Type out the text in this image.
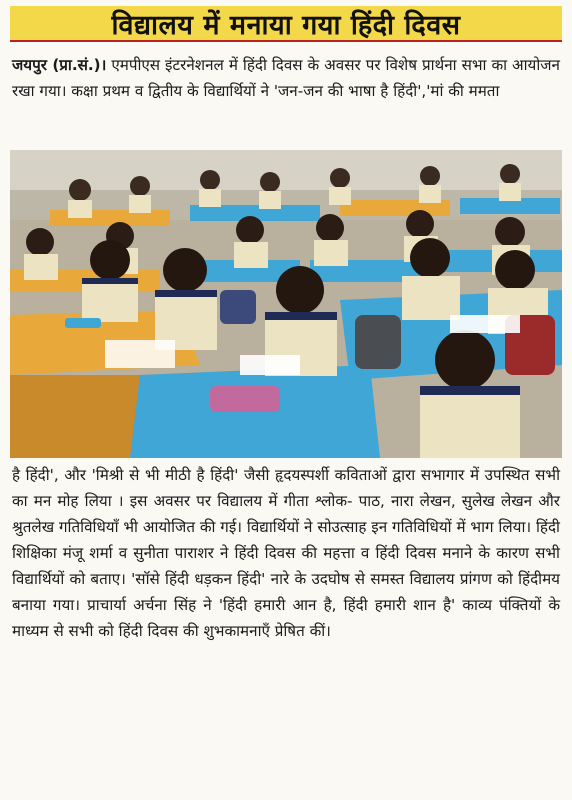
विद्यालय में मनाया गया हिंदी दिवस
जयपुर (प्रा.सं.)। एमपीएस इंटरनेशनल में हिंदी दिवस के अवसर पर विशेष प्रार्थना सभा का आयोजन रखा गया। कक्षा प्रथम व द्वितीय के विद्यार्थियों ने 'जन-जन की भाषा है हिंदी','मां की ममता
है हिंदी', और 'मिश्री से भी मीठी है हिंदी' जैसी हृदयस्पर्शी कविताओं द्वारा सभागार में उपस्थित सभी का मन मोह लिया । इस अवसर पर विद्यालय में गीता श्लोक- पाठ, नारा लेखन, सुलेख लेखन और श्रुतलेख गतिविधियाँ भी आयोजित की गई। विद्यार्थियों ने सोउत्साह इन गतिविधियों में भाग लिया। हिंदी शिक्षिका मंजू शर्मा व सुनीता पाराशर ने हिंदी दिवस की महत्ता व हिंदी दिवस मनाने के कारण सभी विद्यार्थियों को बताए। 'सॉसे हिंदी धड़कन हिंदी' नारे के उदघोष से समस्त विद्यालय प्रांगण को हिंदीमय बनाया गया। प्राचार्या अर्चना सिंह ने 'हिंदी हमारी आन है, हिंदी हमारी शान है' काव्य पंक्तियों के माध्यम से सभी को हिंदी दिवस की शुभकामनाएँ प्रेषित कीं।
